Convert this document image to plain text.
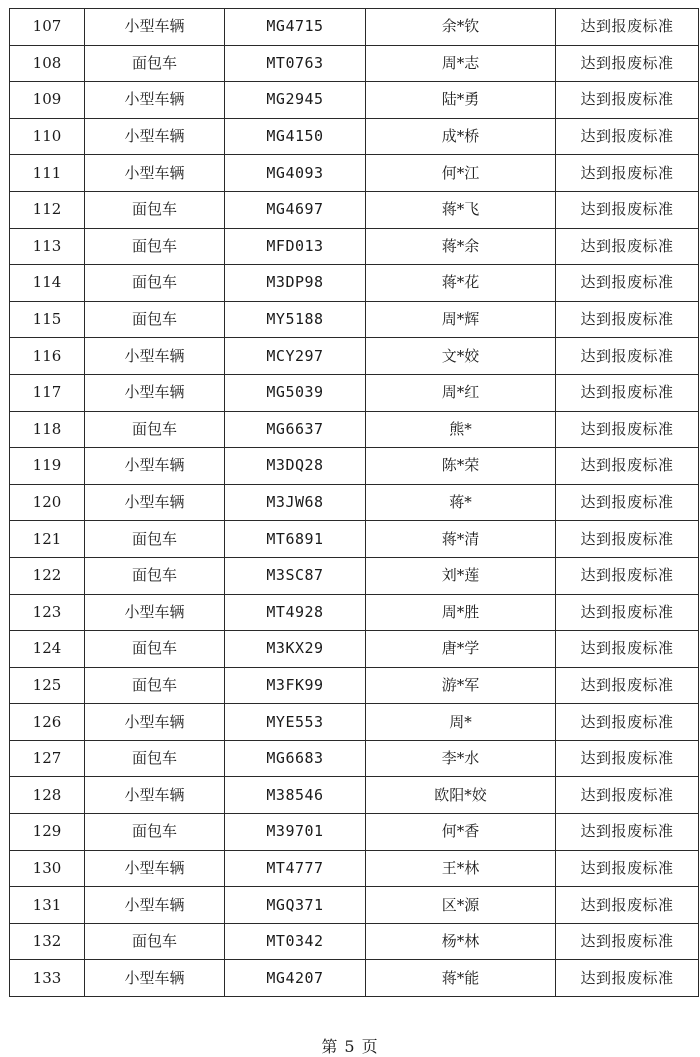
107	小型车辆	MG4715	余*钦	达到报废标准
108	面包车	MT0763	周*志	达到报废标准
109	小型车辆	MG2945	陆*勇	达到报废标准
110	小型车辆	MG4150	成*桥	达到报废标准
111	小型车辆	MG4093	何*江	达到报废标准
112	面包车	MG4697	蒋*飞	达到报废标准
113	面包车	MFD013	蒋*余	达到报废标准
114	面包车	M3DP98	蒋*花	达到报废标准
115	面包车	MY5188	周*辉	达到报废标准
116	小型车辆	MCY297	文*姣	达到报废标准
117	小型车辆	MG5039	周*红	达到报废标准
118	面包车	MG6637	熊*	达到报废标准
119	小型车辆	M3DQ28	陈*荣	达到报废标准
120	小型车辆	M3JW68	蒋*	达到报废标准
121	面包车	MT6891	蒋*清	达到报废标准
122	面包车	M3SC87	刘*莲	达到报废标准
123	小型车辆	MT4928	周*胜	达到报废标准
124	面包车	M3KX29	唐*学	达到报废标准
125	面包车	M3FK99	游*军	达到报废标准
126	小型车辆	MYE553	周*	达到报废标准
127	面包车	MG6683	李*水	达到报废标准
128	小型车辆	M38546	欧阳*姣	达到报废标准
129	面包车	M39701	何*香	达到报废标准
130	小型车辆	MT4777	王*林	达到报废标准
131	小型车辆	MGQ371	区*源	达到报废标准
132	面包车	MT0342	杨*林	达到报废标准
133	小型车辆	MG4207	蒋*能	达到报废标准
第 5 页
